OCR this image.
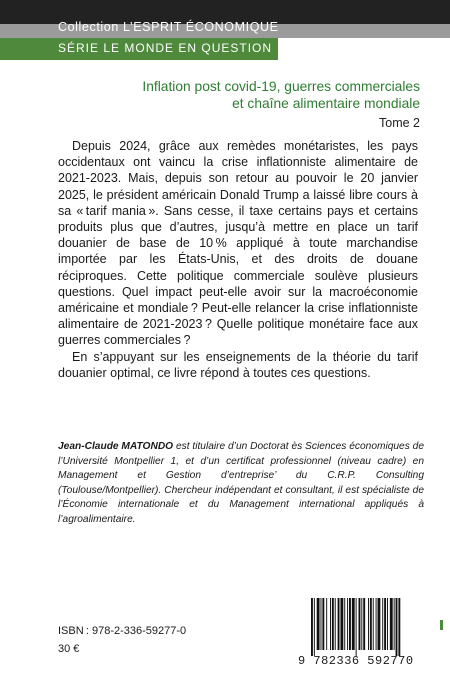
Collection L’ESPRIT ÉCONOMIQUE
SÉRIE LE MONDE EN QUESTION
Inflation post covid-19, guerres commerciales
et chaîne alimentaire mondiale
Tome 2

Depuis 2024, grâce aux remèdes monétaristes, les pays occidentaux ont vaincu la crise inflationniste alimentaire de 2021-2023. Mais, depuis son retour au pouvoir le 20 janvier 2025, le président américain Donald Trump a laissé libre cours à sa « tarif mania ». Sans cesse, il taxe certains pays et certains produits plus que d’autres, jusqu’à mettre en place un tarif douanier de base de 10 % appliqué à toute marchandise importée par les États-Unis, et des droits de douane réciproques. Cette politique commerciale soulève plusieurs questions. Quel impact peut-elle avoir sur la macroéconomie américaine et mondiale ? Peut-elle relancer la crise inflationniste alimentaire de 2021-2023 ? Quelle politique monétaire face aux guerres commerciales ?

En s’appuyant sur les enseignements de la théorie du tarif douanier optimal, ce livre répond à toutes ces questions.

Jean-Claude MATONDO est titulaire d’un Doctorat ès Sciences économiques de l’Université Montpellier 1, et d’un certificat professionnel (niveau cadre) en Management et Gestion d’entreprise’ du C.R.P. Consulting (Toulouse/Montpellier). Chercheur indépendant et consultant, il est spécialiste de l’Économie internationale et du Management international appliqués à l’agroalimentaire.
ISBN : 978-2-336-59277-0
30 €
9 782336 592770
